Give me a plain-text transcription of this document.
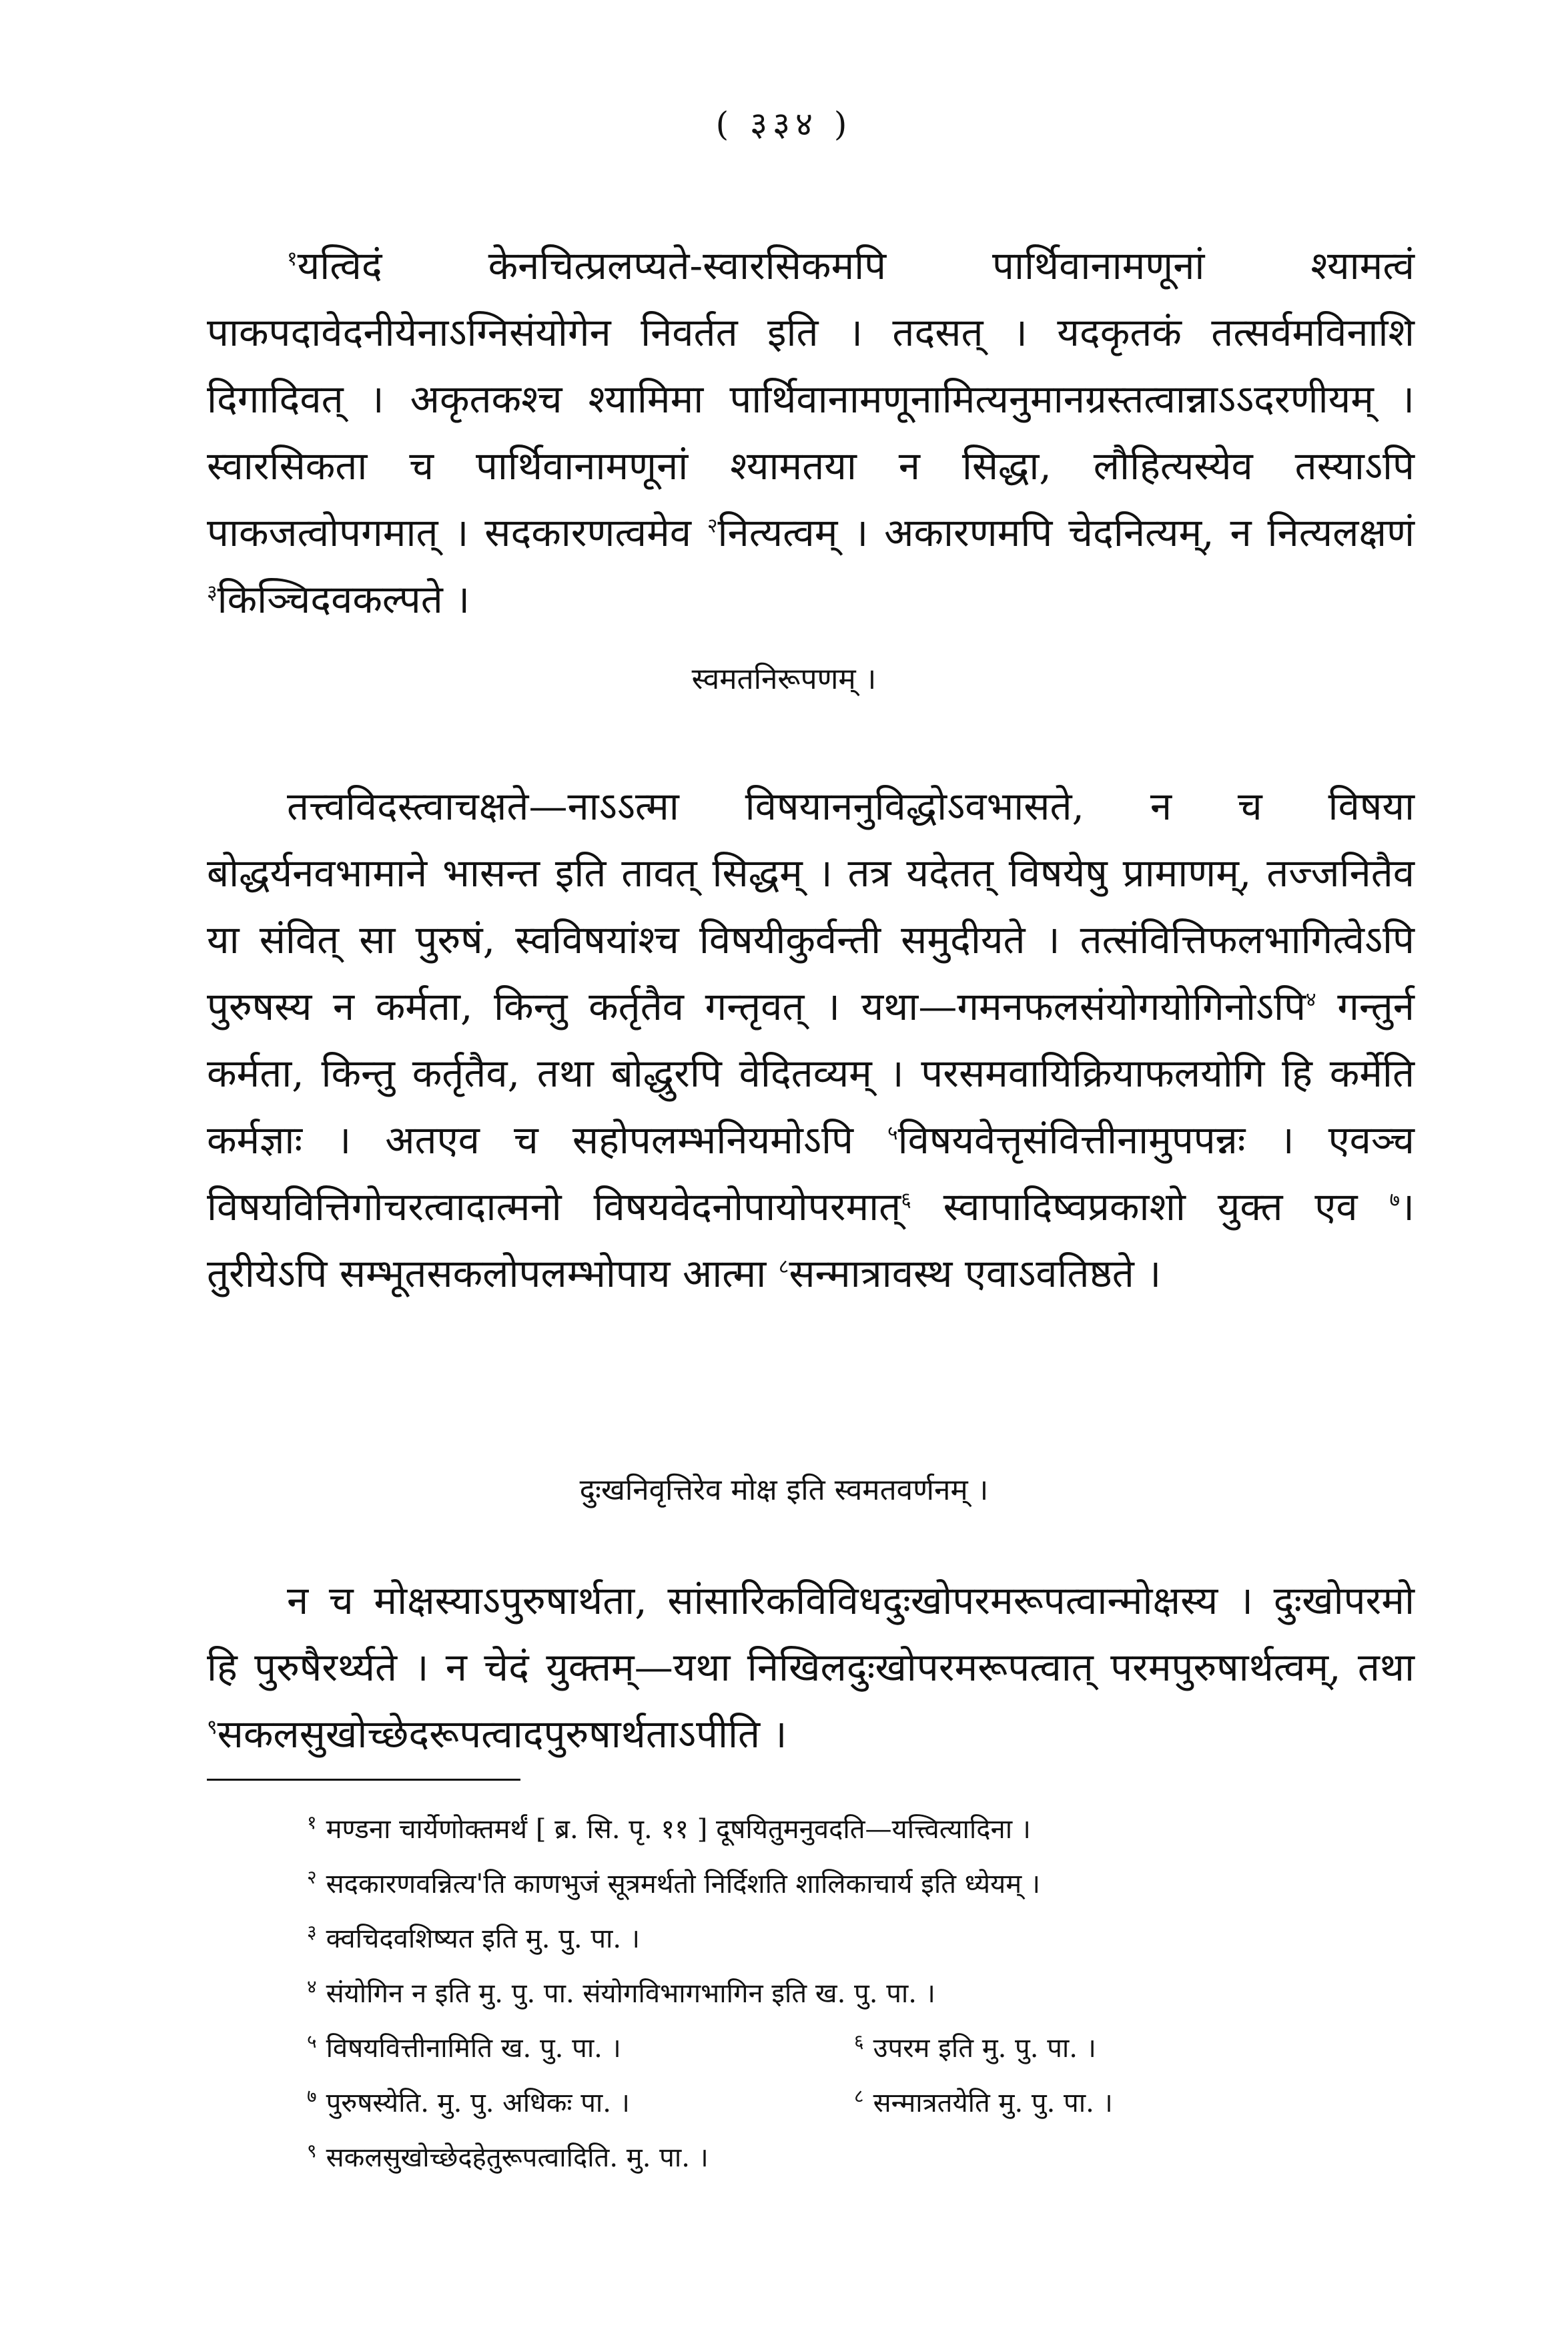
( ३३४ )

$^१$यत्विदं केनचित्प्रलप्यते-स्वारसिकमपि पार्थिवानामणूनां श्यामत्वं पाकपदावेदनीयेनाऽग्निसंयोगेन निवर्तत इति । तदसत् । यदकृतकं तत्सर्वमविनाशि दिगादिवत् । अकृतकश्च श्यामिमा पार्थिवानामणूनामित्यनुमानग्रस्तत्वान्नाऽऽदरणीयम् । स्वारसिकता च पार्थिवानामणूनां श्यामतया न सिद्धा, लौहित्यस्येव तस्याऽपि पाकजत्वोपगमात् । सदकारणत्वमेव $^२$नित्यत्वम् । अकारणमपि चेदनित्यम्, न नित्यलक्षणं $^३$किञ्चिदवकल्पते ।

स्वमतनिरूपणम् ।

तत्त्वविदस्त्वाचक्षते—नाऽऽत्मा विषयाननुविद्धोऽवभासते, न च विषया बोद्धर्यनवभामाने भासन्त इति तावत् सिद्धम् । तत्र यदेतत् विषयेषु प्रामाणम्, तज्जनितैव या संवित् सा पुरुषं, स्वविषयांश्च विषयीकुर्वन्ती समुदीयते । तत्संवित्तिफलभागित्वेऽपि पुरुषस्य न कर्मता, किन्तु कर्तृतैव गन्तृवत् । यथा—गमनफलसंयोगयोगिनोऽपि$^४$ गन्तुर्न कर्मता, किन्तु कर्तृतैव, तथा बोद्धुरपि वेदितव्यम् । परसमवायिक्रियाफलयोगि हि कर्मेति कर्मज्ञाः । अतएव च सहोपलम्भनियमोऽपि $^५$विषयवेत्तृसंवित्तीनामुपपन्नः । एवञ्च विषयवित्तिगोचरत्वादात्मनो विषयवेदनोपायोपरमात्$^६$ स्वापादिष्वप्रकाशो युक्त एव $^७$। तुरीयेऽपि सम्भूतसकलोपलम्भोपाय आत्मा $^८$सन्मात्रावस्थ एवाऽवतिष्ठते ।

दुःखनिवृत्तिरेव मोक्ष इति स्वमतवर्णनम् ।

न च मोक्षस्याऽपुरुषार्थता, सांसारिकविविधदुःखोपरमरूपत्वान्मोक्षस्य । दुःखोपरमो हि पुरुषैरर्थ्यते । न चेदं युक्तम्—यथा निखिलदुःखोपरमरूपत्वात् परमपुरुषार्थत्वम्, तथा $^९$सकलसुखोच्छेदरूपत्वादपुरुषार्थताऽपीति ।

$^१$ मण्डना चार्येणोक्तमर्थं [ ब्र. सि. पृ. ११ ] दूषयितुमनुवदति—यत्त्वित्यादिना ।
$^२$ सदकारणवन्नित्य'ति काणभुजं सूत्रमर्थतो निर्दिशति शालिकाचार्य इति ध्येयम् ।
$^३$ क्वचिदवशिष्यत इति मु. पु. पा. ।
$^४$ संयोगिन न इति मु. पु. पा. संयोगविभागभागिन इति ख. पु. पा. ।
$^५$ विषयवित्तीनामिति ख. पु. पा. ।	$^६$ उपरम इति मु. पु. पा. ।
$^७$ पुरुषस्येति. मु. पु. अधिकः पा. ।	$^८$ सन्मात्रतयेति मु. पु. पा. ।
$^९$ सकलसुखोच्छेदहेतुरूपत्वादिति. मु. पा. ।
